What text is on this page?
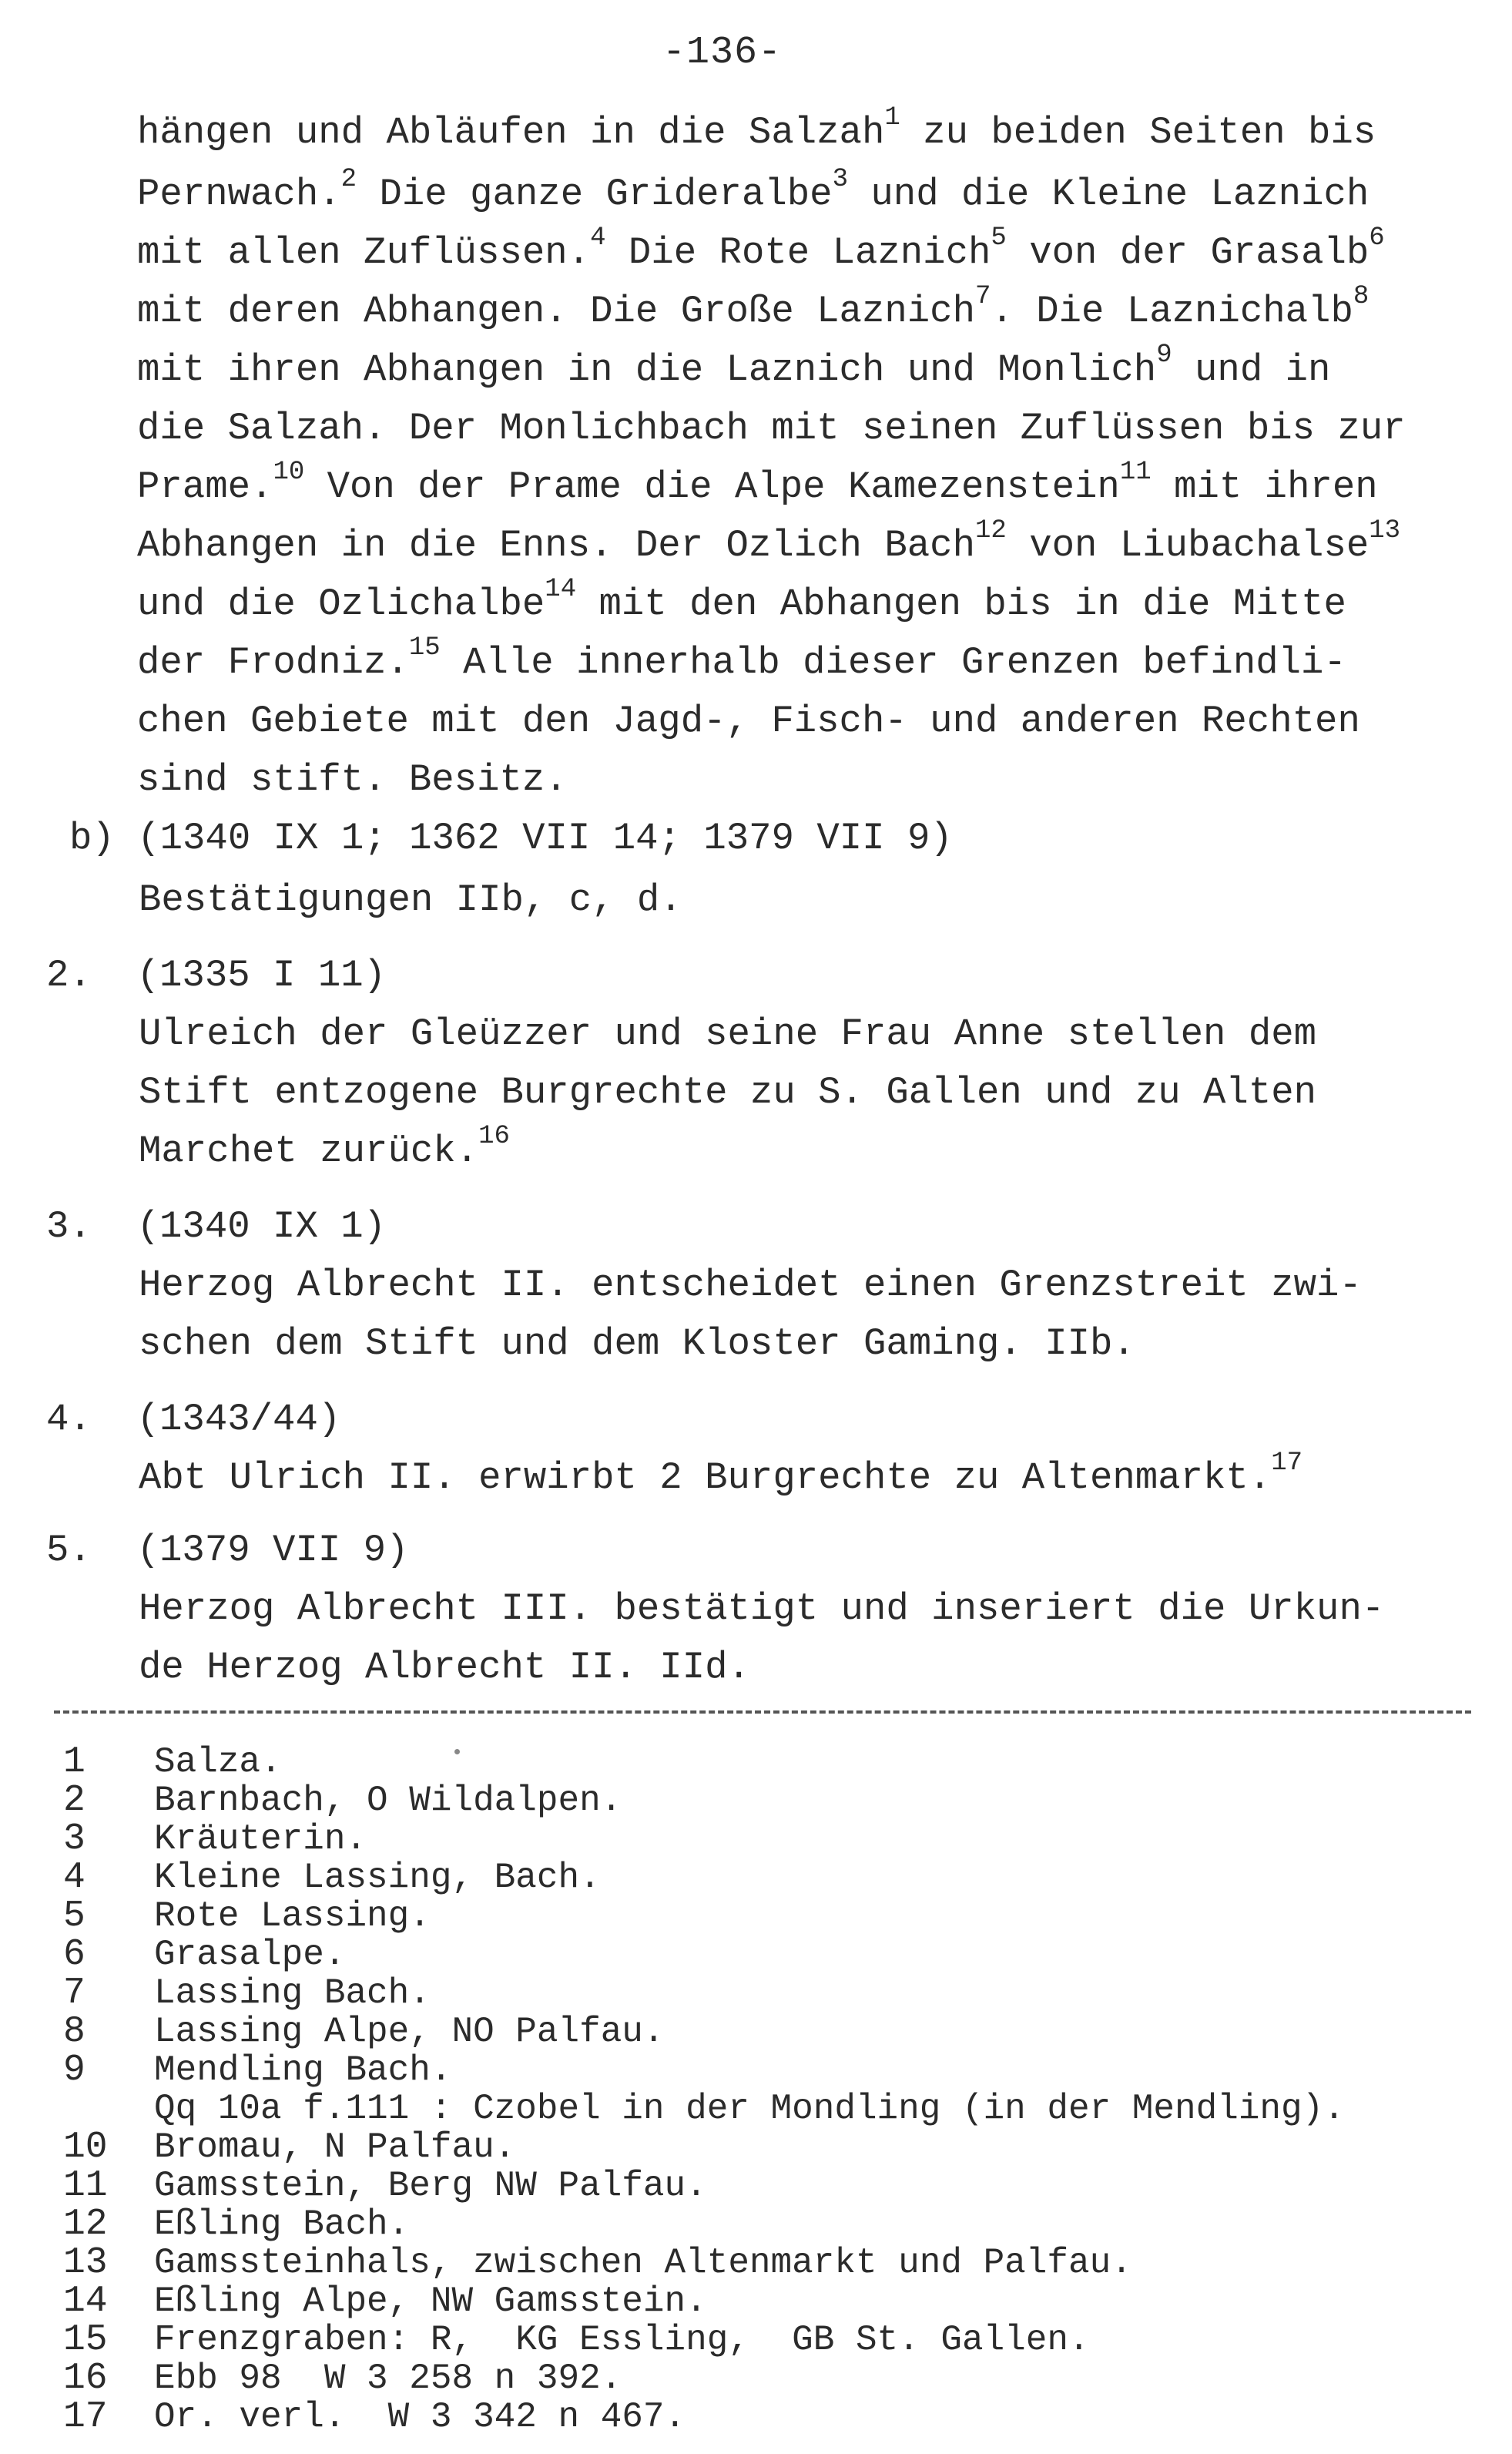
-136-
hängen und Abläufen in die Salzah$^1$ zu beiden Seiten bis
Pernwach.$^2$ Die ganze Grideralbe$^3$ und die Kleine Laznich
mit allen Zuflüssen.$^4$ Die Rote Laznich$^5$ von der Grasalb$^6$
mit deren Abhangen. Die Große Laznich$^7$. Die Laznichalb$^8$
mit ihren Abhangen in die Laznich und Monlich$^9$ und in
die Salzah. Der Monlichbach mit seinen Zuflüssen bis zur
Prame.$^{10}$ Von der Prame die Alpe Kamezenstein$^{11}$ mit ihren
Abhangen in die Enns. Der Ozlich Bach$^{12}$ von Liubachalse$^{13}$
und die Ozlichalbe$^{14}$ mit den Abhangen bis in die Mitte
der Frodniz.$^{15}$ Alle innerhalb dieser Grenzen befindli-
chen Gebiete mit den Jagd-, Fisch- und anderen Rechten
sind stift. Besitz.
b) (1340 IX 1; 1362 VII 14; 1379 VII 9)
Bestätigungen IIb, c, d.
2.  (1335 I 11)
Ulreich der Gleüzzer und seine Frau Anne stellen dem
Stift entzogene Burgrechte zu S. Gallen und zu Alten
Marchet zurück.$^{16}$
3.  (1340 IX 1)
Herzog Albrecht II. entscheidet einen Grenzstreit zwi-
schen dem Stift und dem Kloster Gaming. IIb.
4.  (1343/44)
Abt Ulrich II. erwirbt 2 Burgrechte zu Altenmarkt.$^{17}$
5.  (1379 VII 9)
Herzog Albrecht III. bestätigt und inseriert die Urkun-
de Herzog Albrecht II. IId.
1	Salza.
2	Barnbach, O Wildalpen.
3	Kräuterin.
4	Kleine Lassing, Bach.
5	Rote Lassing.
6	Grasalpe.
7	Lassing Bach.
8	Lassing Alpe, NO Palfau.
9	Mendling Bach.
Qq 10a f.111 : Czobel in der Mondling (in der Mendling).
10 Bromau, N Palfau.
11 Gamsstein, Berg NW Palfau.
12 Eßling Bach.
13 Gamssteinhals, zwischen Altenmarkt und Palfau.
14 Eßling Alpe, NW Gamsstein.
15 Frenzgraben: R,  KG Essling,  GB St. Gallen.
16 Ebb 98  W 3 258 n 392.
17 Or. verl.  W 3 342 n 467.
